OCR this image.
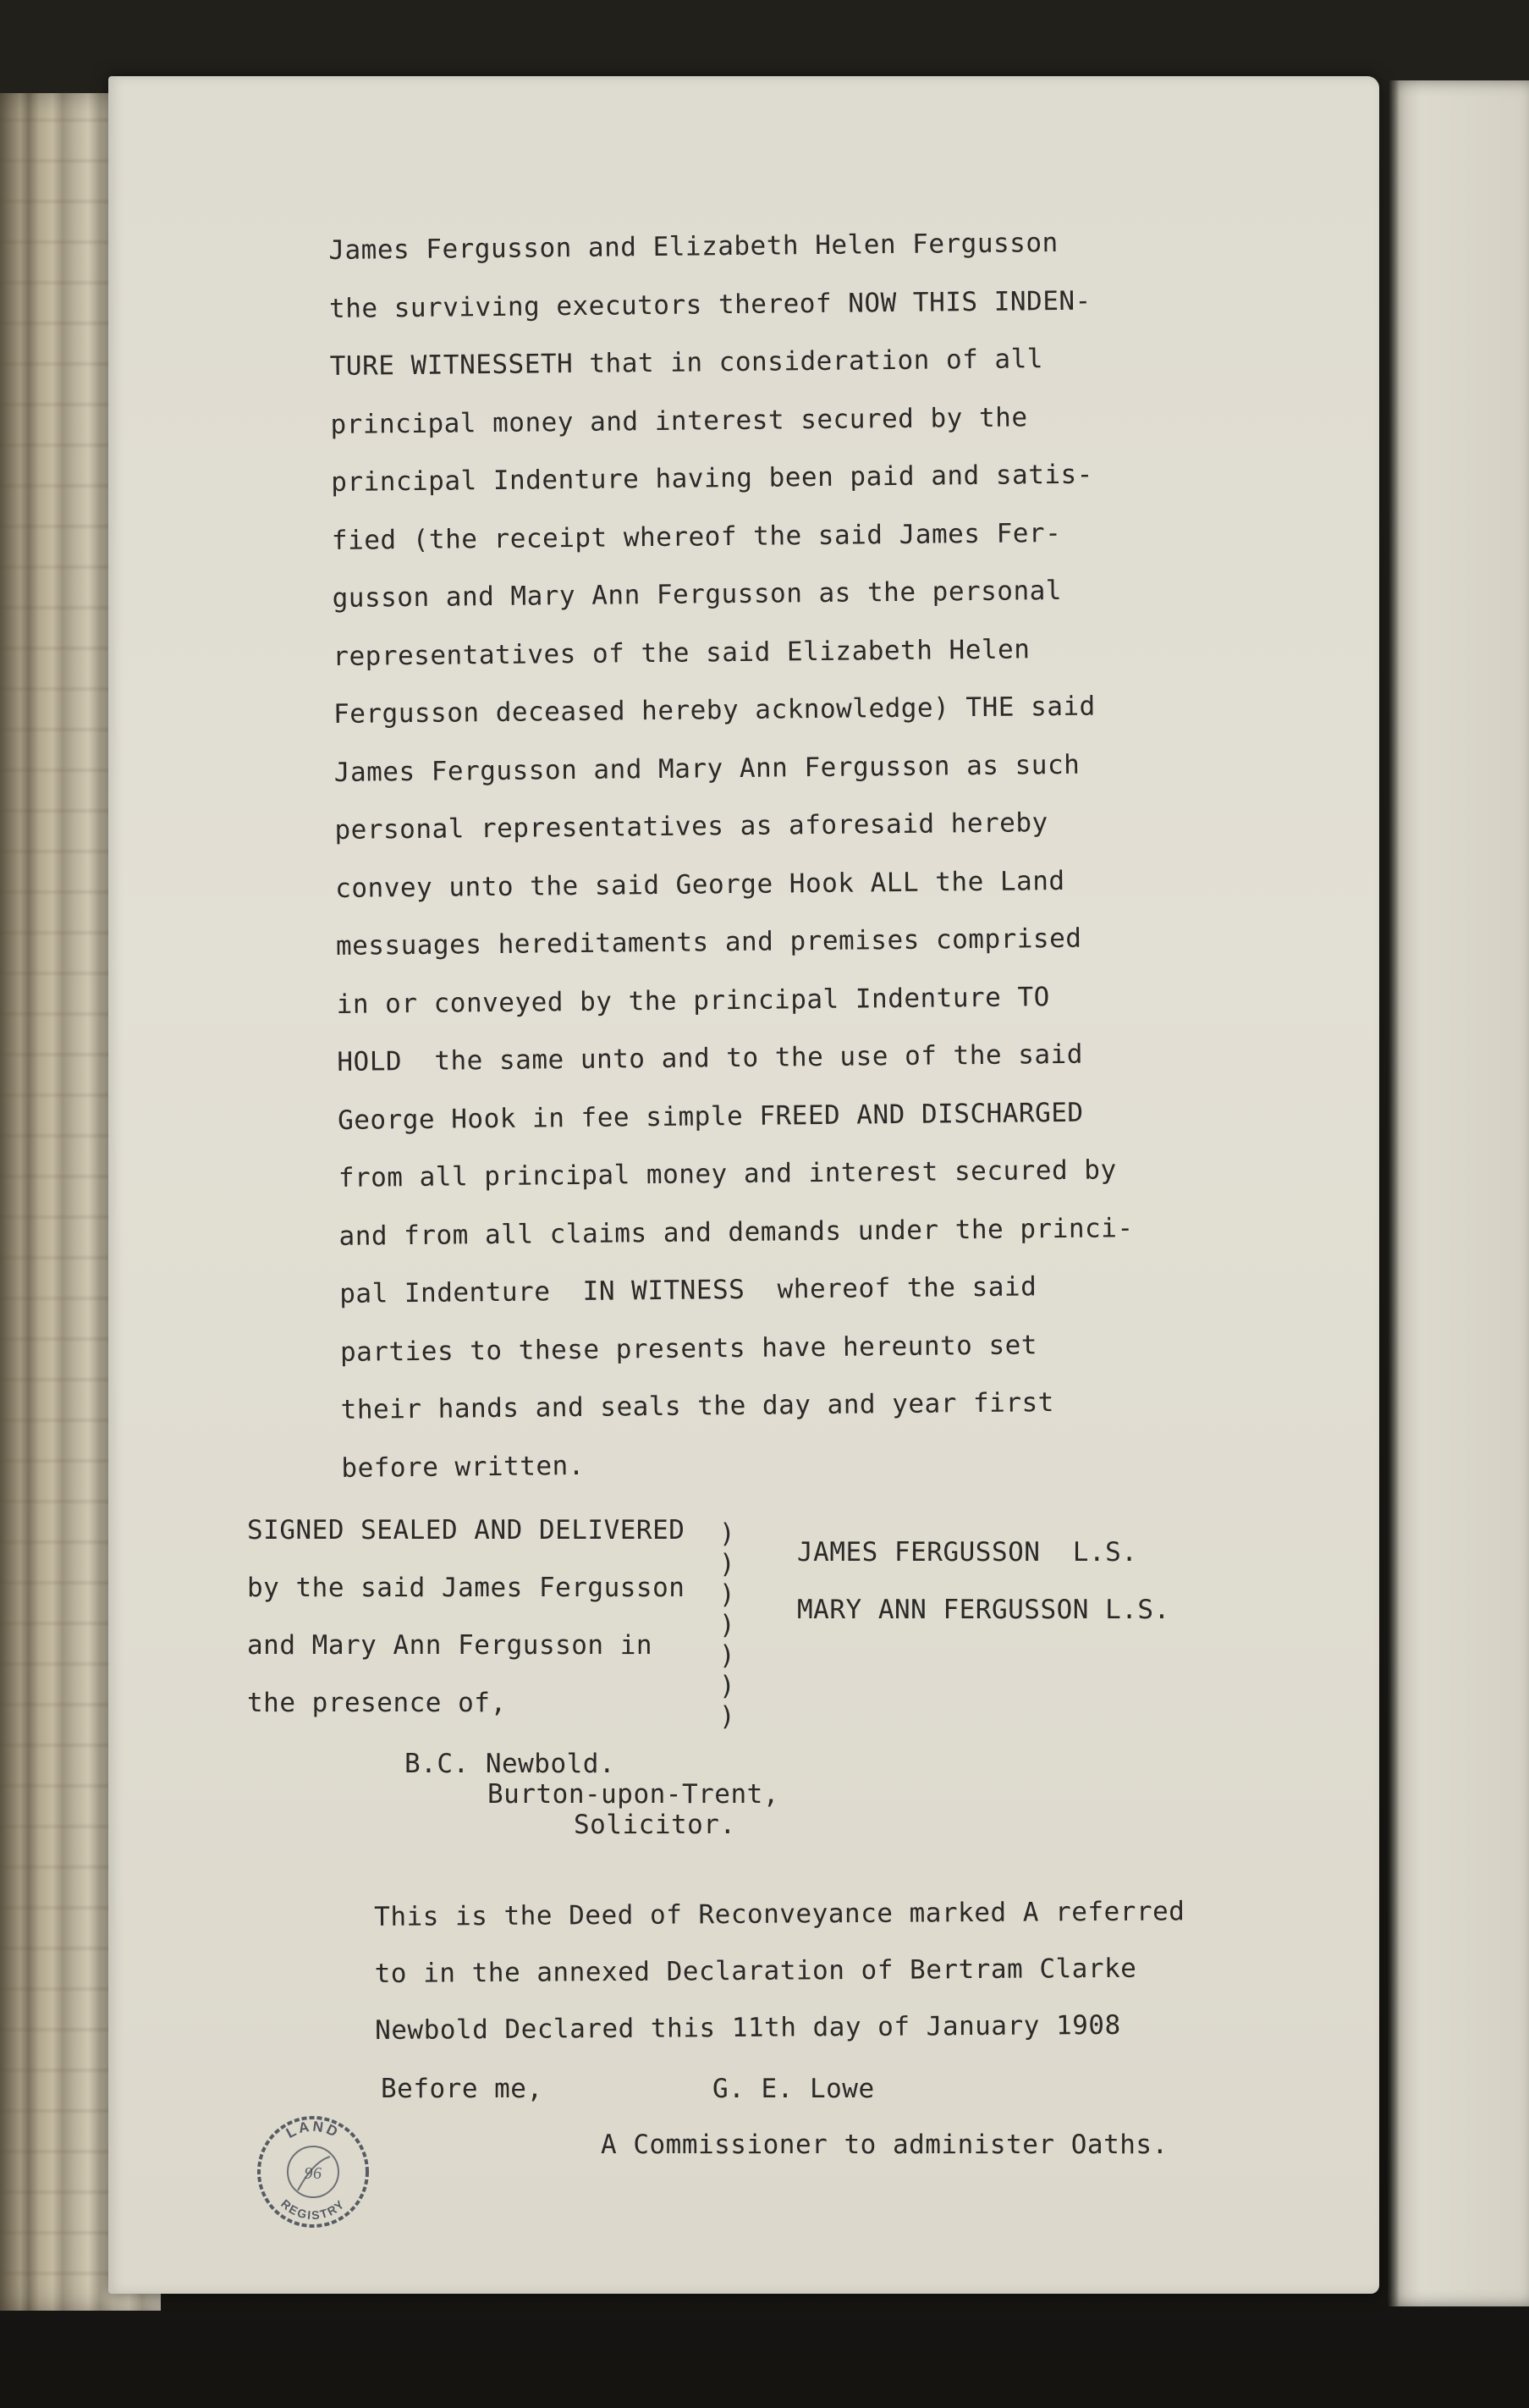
James Fergusson and Elizabeth Helen Fergusson
the surviving executors thereof NOW THIS INDEN-
TURE WITNESSETH that in consideration of all
principal money and interest secured by the
principal Indenture having been paid and satis-
fied (the receipt whereof the said James Fer-
gusson and Mary Ann Fergusson as the personal
representatives of the said Elizabeth Helen
Fergusson deceased hereby acknowledge) THE said
James Fergusson and Mary Ann Fergusson as such
personal representatives as aforesaid hereby
convey unto the said George Hook ALL the Land
messuages hereditaments and premises comprised
in or conveyed by the principal Indenture TO
HOLD  the same unto and to the use of the said
George Hook in fee simple FREED AND DISCHARGED
from all principal money and interest secured by
and from all claims and demands under the princi-
pal Indenture  IN WITNESS  whereof the said
parties to these presents have hereunto set
their hands and seals the day and year first
before written.
SIGNED SEALED AND DELIVERED
by the said James Fergusson
and Mary Ann Fergusson in
the presence of,
)
)
)
)
)
)
)
JAMES FERGUSSON  L.S.
MARY ANN FERGUSSON L.S.
B.C. Newbold.
Burton-upon-Trent,
Solicitor.
This is the Deed of Reconveyance marked A referred
to in the annexed Declaration of Bertram Clarke
Newbold Declared this 11th day of January 1908
Before me,	G. E. Lowe
A Commissioner to administer Oaths.
LAND
REGISTRY
96
